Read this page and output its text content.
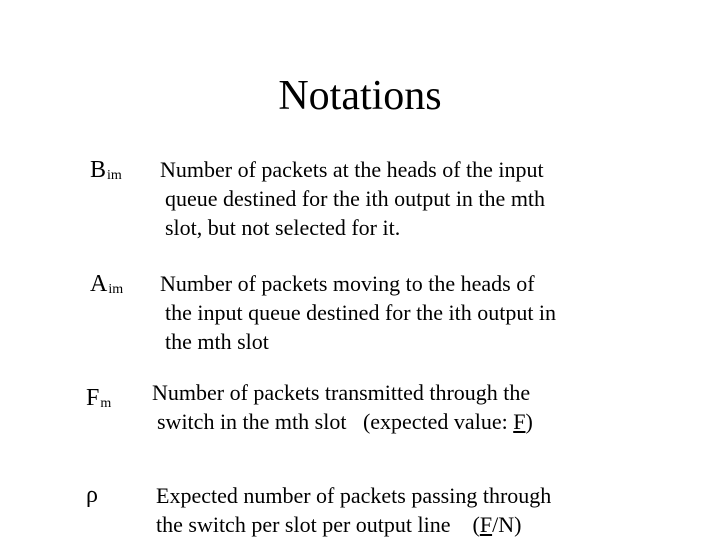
Notations
$B_{im}$ Number of packets at the heads of the input
queue destined for the ith output in the mth
slot, but not selected for it.
$A_{im}$ Number of packets moving to the heads of
the input queue destined for the ith output in
the mth slot
$F_m$ Number of packets transmitted through the
switch in the mth slot   (expected value: F)
ρ	Expected number of packets passing through
the switch per slot per output line    (F/N)
